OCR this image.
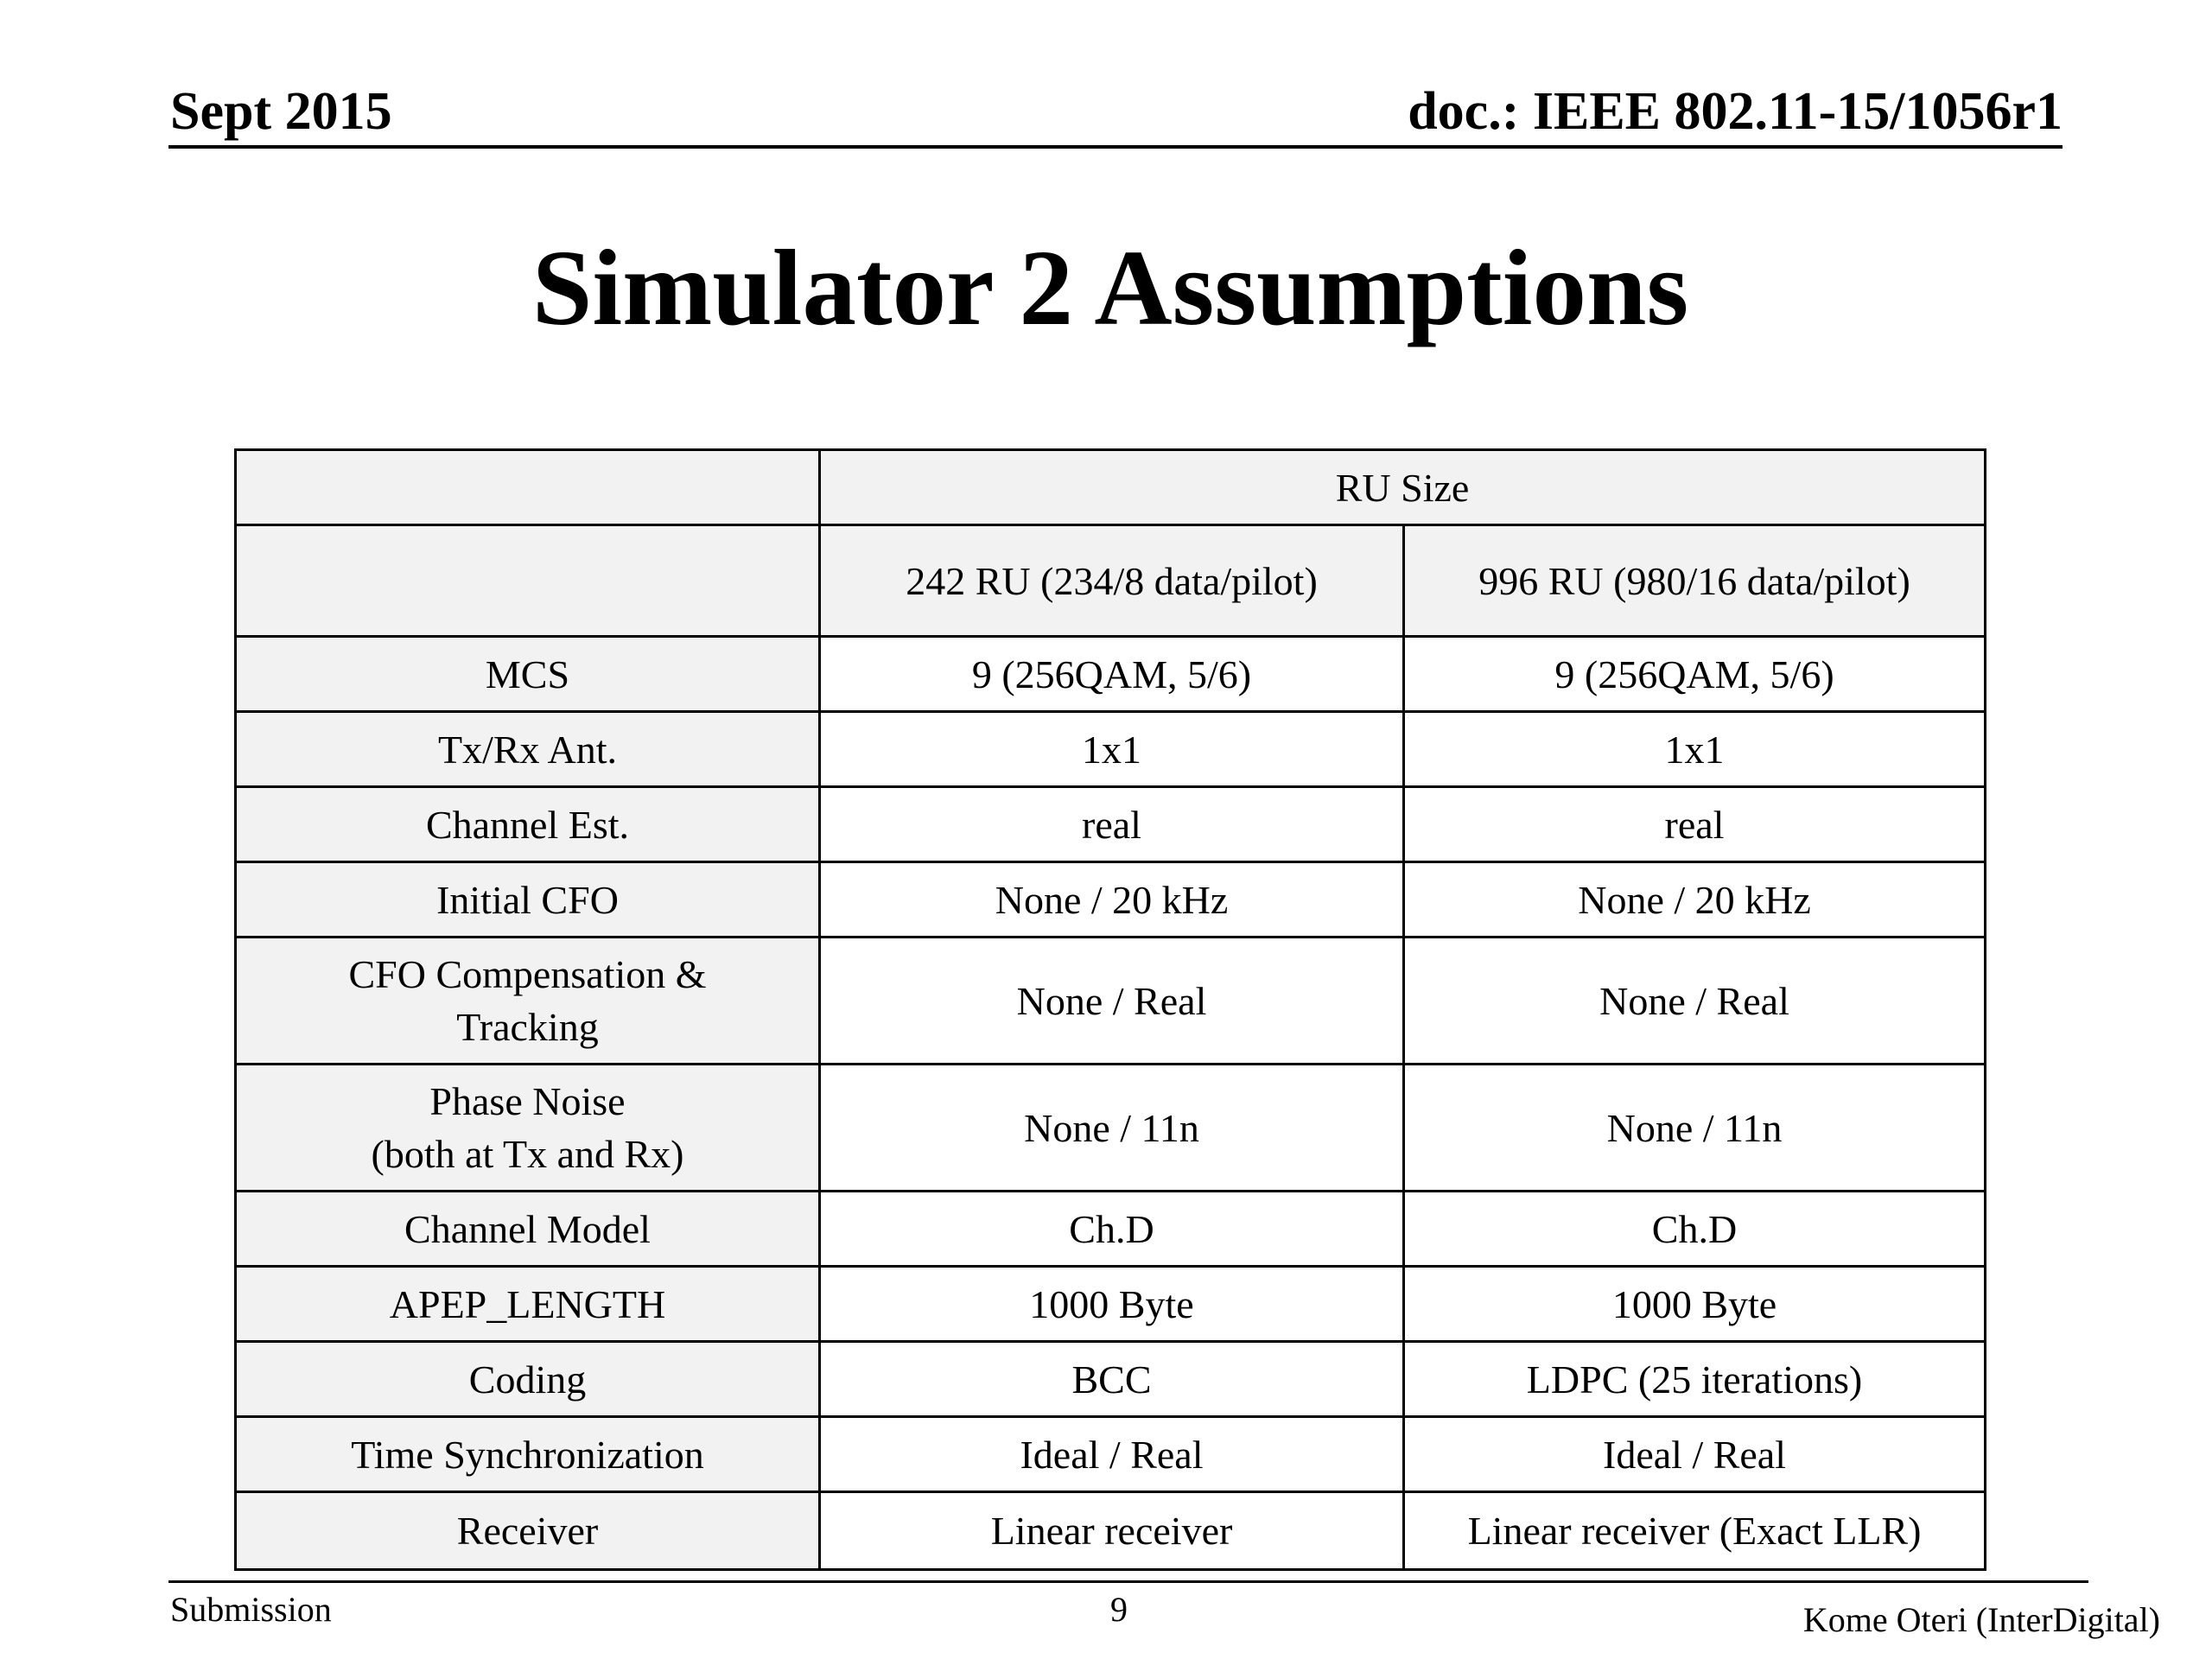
Sept 2015	doc.: IEEE 802.11-15/1056r1
Simulator 2 Assumptions
	RU Size	
	242 RU (234/8 data/pilot)	996 RU (980/16 data/pilot)
MCS	9 (256QAM, 5/6)	9 (256QAM, 5/6)
Tx/Rx Ant.	1x1	1x1
Channel Est.	real	real
Initial CFO	None / 20 kHz	None / 20 kHz
CFO Compensation &
Tracking	None / Real	None / Real
Phase Noise
(both at Tx and Rx)	None / 11n	None / 11n
Channel Model	Ch.D	Ch.D
APEP_LENGTH	1000 Byte	1000 Byte
Coding	BCC	LDPC (25 iterations)
Time Synchronization	Ideal / Real	Ideal / Real
Receiver	Linear receiver	Linear receiver (Exact LLR)
Submission	9	Kome Oteri (InterDigital)
